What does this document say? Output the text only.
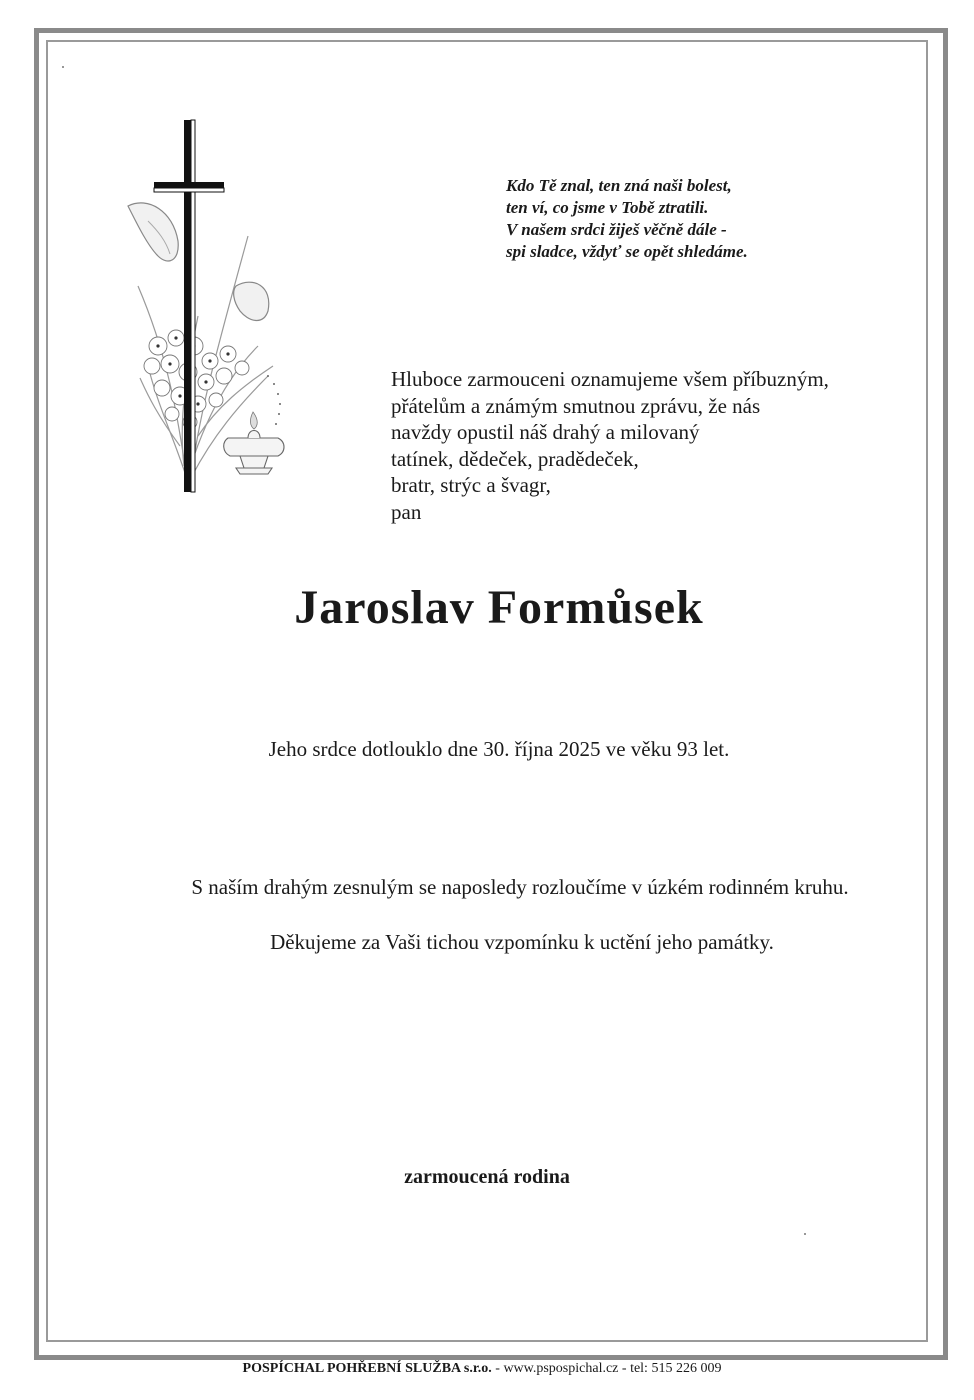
Kdo Tě znal, ten zná naši bolest,
ten ví, co jsme v Tobě ztratili.
V našem srdci žiješ věčně dále -
spi sladce, vždyť se opět shledáme.
Hluboce zarmouceni oznamujeme všem příbuzným,
přátelům a známým smutnou zprávu, že nás
navždy opustil náš drahý a milovaný
tatínek, dědeček, pradědeček,
bratr, strýc a švagr,
pan
Jaroslav Formůsek
Jeho srdce dotlouklo dne 30. října 2025 ve věku 93 let.
S naším drahým zesnulým se naposledy rozloučíme v úzkém rodinném kruhu.
Děkujeme za Vaši tichou vzpomínku k uctění jeho památky.
zarmoucená rodina
POSPÍCHAL POHŘEBNÍ SLUŽBA s.r.o. - www.pspospichal.cz - tel: 515 226 009
